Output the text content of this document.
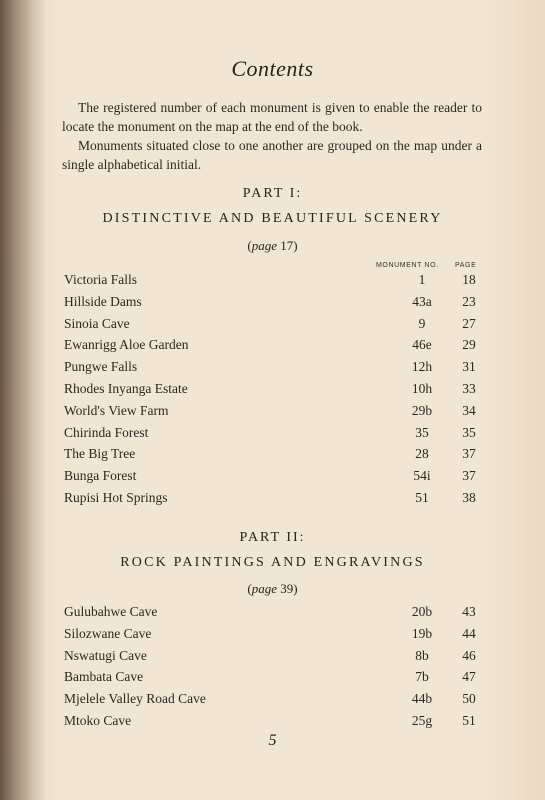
Contents

The registered number of each monument is given to enable the reader to locate the monument on the map at the end of the book.

Monuments situated close to one another are grouped on the map under a single alphabetical initial.

PART I:
DISTINCTIVE AND BEAUTIFUL SCENERY
(page 17)
MONUMENT NO. PAGE
Victoria Falls	1	18
Hillside Dams	43a	23
Sinoia Cave	9	27
Ewanrigg Aloe Garden	46e	29
Pungwe Falls	12h	31
Rhodes Inyanga Estate	10h	33
World's View Farm	29b	34
Chirinda Forest	35	35
The Big Tree	28	37
Bunga Forest	54i	37
Rupisi Hot Springs	51	38
PART II:
ROCK PAINTINGS AND ENGRAVINGS
(page 39)
Gulubahwe Cave	20b	43
Silozwane Cave	19b	44
Nswatugi Cave	8b	46
Bambata Cave	7b	47
Mjelele Valley Road Cave	44b	50
Mtoko Cave	25g	51
5
